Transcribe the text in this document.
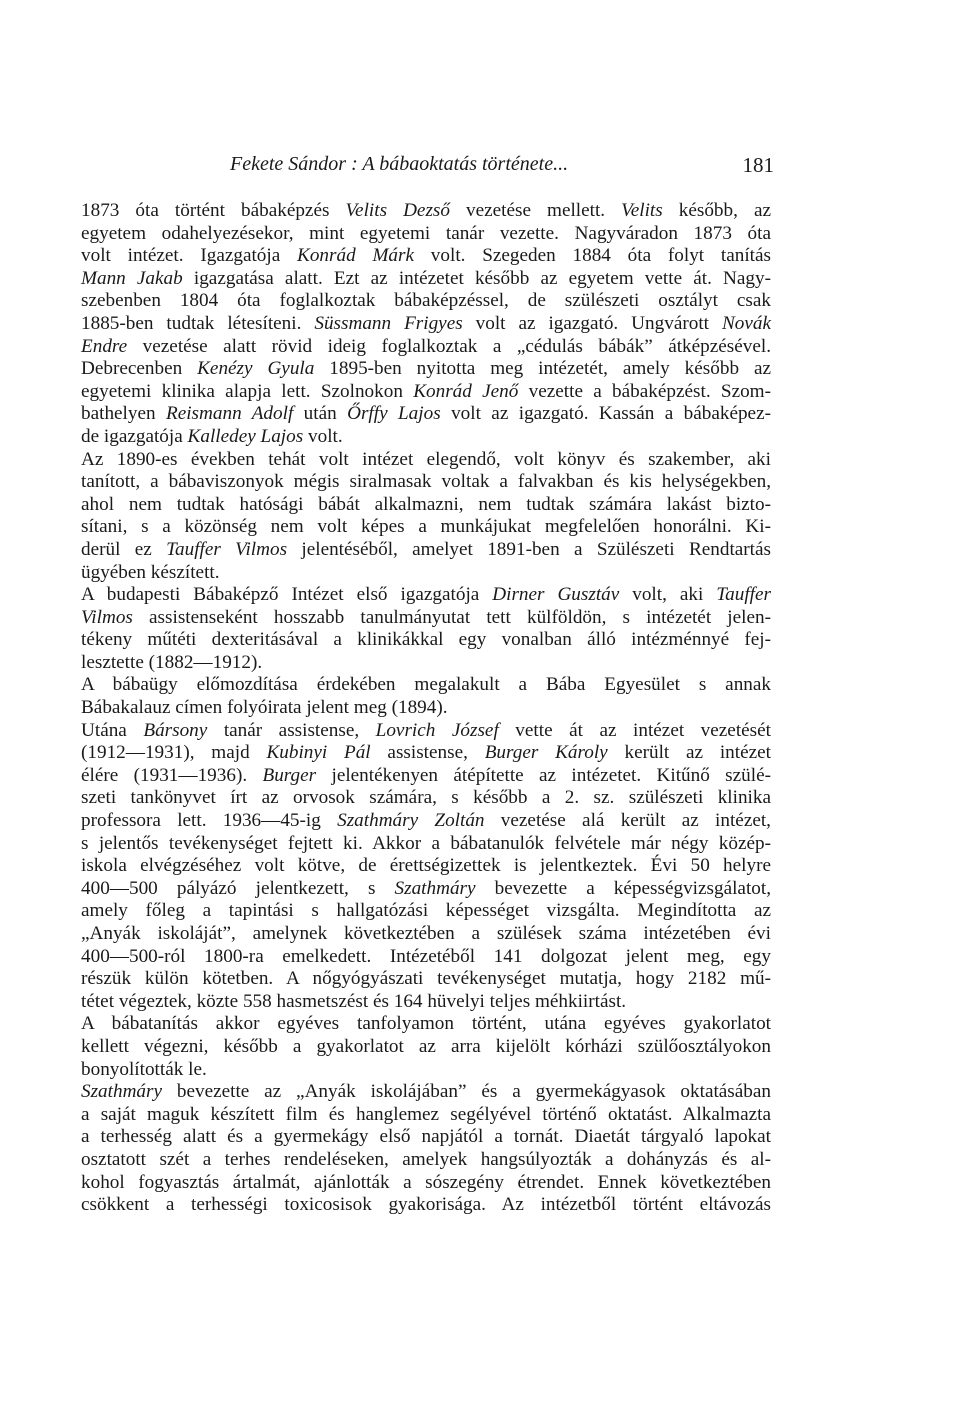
Fekete Sándor : A bábaoktatás története...	181

1873 óta történt bábaképzés Velits Dezső vezetése mellett. Velits később, az
egyetem odahelyezésekor, mint egyetemi tanár vezette. Nagyváradon 1873 óta
volt intézet. Igazgatója Konrád Márk volt. Szegeden 1884 óta folyt tanítás
Mann Jakab igazgatása alatt. Ezt az intézetet később az egyetem vette át. Nagy-
szebenben 1804 óta foglalkoztak bábaképzéssel, de szülészeti osztályt csak
1885-ben tudtak létesíteni. Süssmann Frigyes volt az igazgató. Ungvárott Novák
Endre vezetése alatt rövid ideig foglalkoztak a „cédulás bábák” átképzésével.
Debrecenben Kenézy Gyula 1895-ben nyitotta meg intézetét, amely később az
egyetemi klinika alapja lett. Szolnokon Konrád Jenő vezette a bábaképzést. Szom-
bathelyen Reismann Adolf után Őrffy Lajos volt az igazgató. Kassán a bábaképez-
de igazgatója Kalledey Lajos volt.

Az 1890-es években tehát volt intézet elegendő, volt könyv és szakember, aki
tanított, a bábaviszonyok mégis siralmasak voltak a falvakban és kis helységekben,
ahol nem tudtak hatósági bábát alkalmazni, nem tudtak számára lakást bizto-
sítani, s a közönség nem volt képes a munkájukat megfelelően honorálni. Ki-
derül ez Tauffer Vilmos jelentéséből, amelyet 1891-ben a Szülészeti Rendtartás
ügyében készített.

A budapesti Bábaképző Intézet első igazgatója Dirner Gusztáv volt, aki Tauffer
Vilmos assistenseként hosszabb tanulmányutat tett külföldön, s intézetét jelen-
tékeny műtéti dexteritásával a klinikákkal egy vonalban álló intézménnyé fej-
lesztette (1882—1912).

A bábaügy előmozdítása érdekében megalakult a Bába Egyesület s annak
Bábakalauz címen folyóirata jelent meg (1894).

Utána Bársony tanár assistense, Lovrich József vette át az intézet vezetését
(1912—1931), majd Kubinyi Pál assistense, Burger Károly került az intézet
élére (1931—1936). Burger jelentékenyen átépítette az intézetet. Kitűnő szülé-
szeti tankönyvet írt az orvosok számára, s később a 2. sz. szülészeti klinika
professora lett. 1936—45-ig Szathmáry Zoltán vezetése alá került az intézet,
s jelentős tevékenységet fejtett ki. Akkor a bábatanulók felvétele már négy közép-
iskola elvégzéséhez volt kötve, de érettségizettek is jelentkeztek. Évi 50 helyre
400—500 pályázó jelentkezett, s Szathmáry bevezette a képességvizsgálatot,
amely főleg a tapintási s hallgatózási képességet vizsgálta. Megindította az
„Anyák iskoláját”, amelynek következtében a szülések száma intézetében évi
400—500-ról 1800-ra emelkedett. Intézetéből 141 dolgozat jelent meg, egy
részük külön kötetben. A nőgyógyászati tevékenységet mutatja, hogy 2182 mű-
tétet végeztek, közte 558 hasmetszést és 164 hüvelyi teljes méhkiirtást.

A bábatanítás akkor egyéves tanfolyamon történt, utána egyéves gyakorlatot
kellett végezni, később a gyakorlatot az arra kijelölt kórházi szülőosztályokon
bonyolították le.

Szathmáry bevezette az „Anyák iskolájában” és a gyermekágyasok oktatásában
a saját maguk készített film és hanglemez segélyével történő oktatást. Alkalmazta
a terhesség alatt és a gyermekágy első napjától a tornát. Diaetát tárgyaló lapokat
osztatott szét a terhes rendeléseken, amelyek hangsúlyozták a dohányzás és al-
kohol fogyasztás ártalmát, ajánlották a sószegény étrendet. Ennek következtében
csökkent a terhességi toxicosisok gyakorisága. Az intézetből történt eltávozás
